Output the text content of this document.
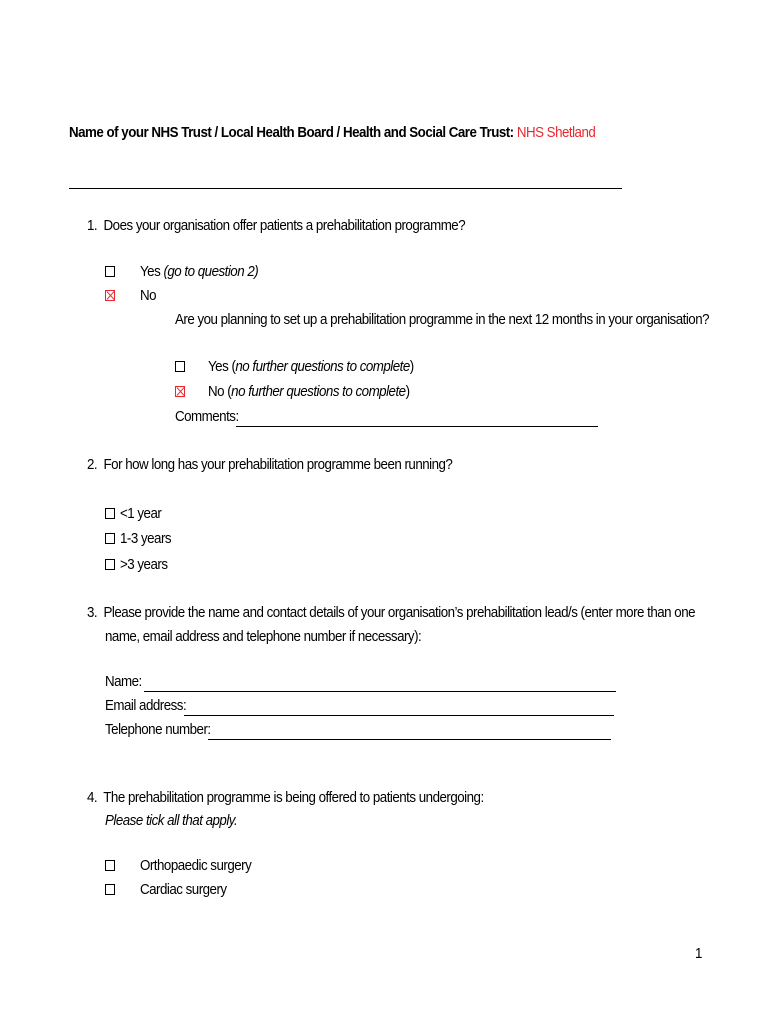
Name of your NHS Trust / Local Health Board / Health and Social Care Trust: NHS Shetland
1. Does your organisation offer patients a prehabilitation programme?
Yes (go to question 2)
No
Are you planning to set up a prehabilitation programme in the next 12 months in your organisation?
Yes (no further questions to complete)
No (no further questions to complete)
Comments:
2. For how long has your prehabilitation programme been running?
<1 year
1-3 years
>3 years
3. Please provide the name and contact details of your organisation’s prehabilitation lead/s (enter more than one
name, email address and telephone number if necessary):
Name:
Email address:
Telephone number:
4. The prehabilitation programme is being offered to patients undergoing:
Please tick all that apply.
Orthopaedic surgery
Cardiac surgery
1
